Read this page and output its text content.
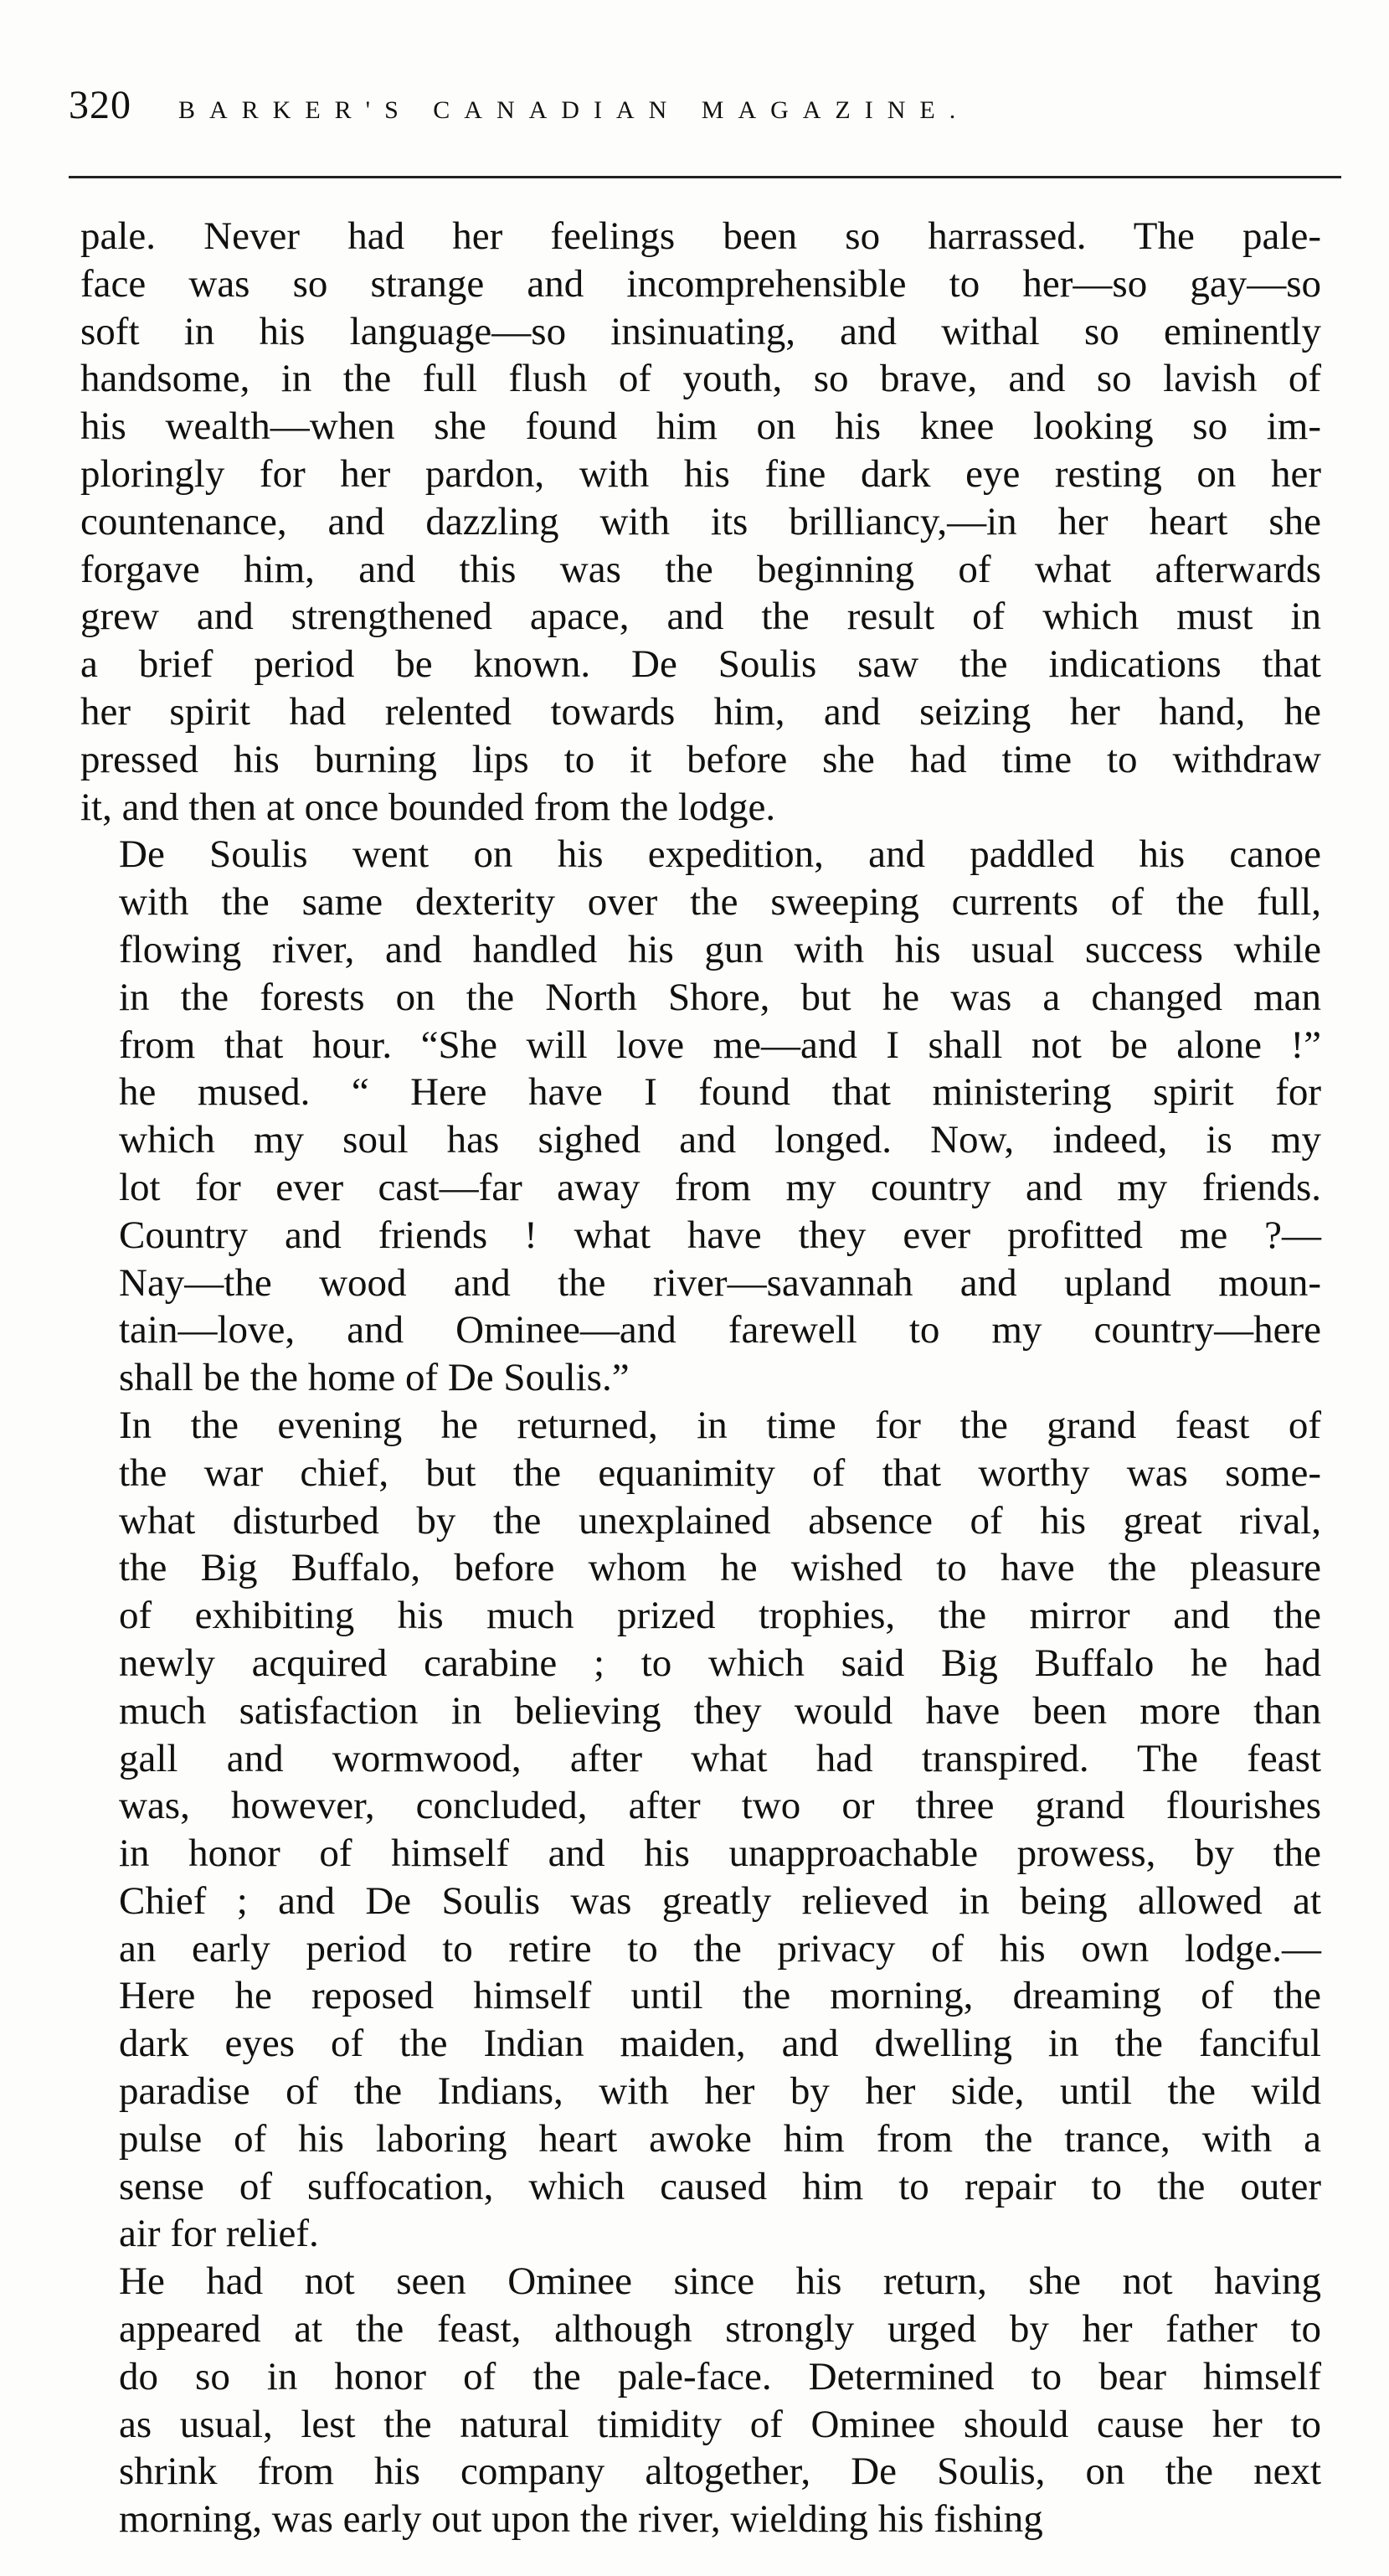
320 BARKER'S CANADIAN MAGAZINE.

pale. Never had her feelings been so harrassed. The pale-
face was so strange and incomprehensible to her—so gay—so
soft in his language—so insinuating, and withal so eminently
handsome, in the full flush of youth, so brave, and so lavish of
his wealth—when she found him on his knee looking so im-
ploringly for her pardon, with his fine dark eye resting on her
countenance, and dazzling with its brilliancy,—in her heart she
forgave him, and this was the beginning of what afterwards
grew and strengthened apace, and the result of which must in
a brief period be known. De Soulis saw the indications that
her spirit had relented towards him, and seizing her hand, he
pressed his burning lips to it before she had time to withdraw
it, and then at once bounded from the lodge.

De Soulis went on his expedition, and paddled his canoe
with the same dexterity over the sweeping currents of the full,
flowing river, and handled his gun with his usual success while
in the forests on the North Shore, but he was a changed man
from that hour. “She will love me—and I shall not be alone !”
he mused. “ Here have I found that ministering spirit for
which my soul has sighed and longed. Now, indeed, is my
lot for ever cast—far away from my country and my friends.
Country and friends ! what have they ever profitted me ?—
Nay—the wood and the river—savannah and upland moun-
tain—love, and Ominee—and farewell to my country—here
shall be the home of De Soulis.”

In the evening he returned, in time for the grand feast of
the war chief, but the equanimity of that worthy was some-
what disturbed by the unexplained absence of his great rival,
the Big Buffalo, before whom he wished to have the pleasure
of exhibiting his much prized trophies, the mirror and the
newly acquired carabine ; to which said Big Buffalo he had
much satisfaction in believing they would have been more than
gall and wormwood, after what had transpired. The feast
was, however, concluded, after two or three grand flourishes
in honor of himself and his unapproachable prowess, by the
Chief ; and De Soulis was greatly relieved in being allowed at
an early period to retire to the privacy of his own lodge.—
Here he reposed himself until the morning, dreaming of the
dark eyes of the Indian maiden, and dwelling in the fanciful
paradise of the Indians, with her by her side, until the wild
pulse of his laboring heart awoke him from the trance, with a
sense of suffocation, which caused him to repair to the outer
air for relief.

He had not seen Ominee since his return, she not having
appeared at the feast, although strongly urged by her father to
do so in honor of the pale-face. Determined to bear himself
as usual, lest the natural timidity of Ominee should cause her to
shrink from his company altogether, De Soulis, on the next
morning, was early out upon the river, wielding his fishing
